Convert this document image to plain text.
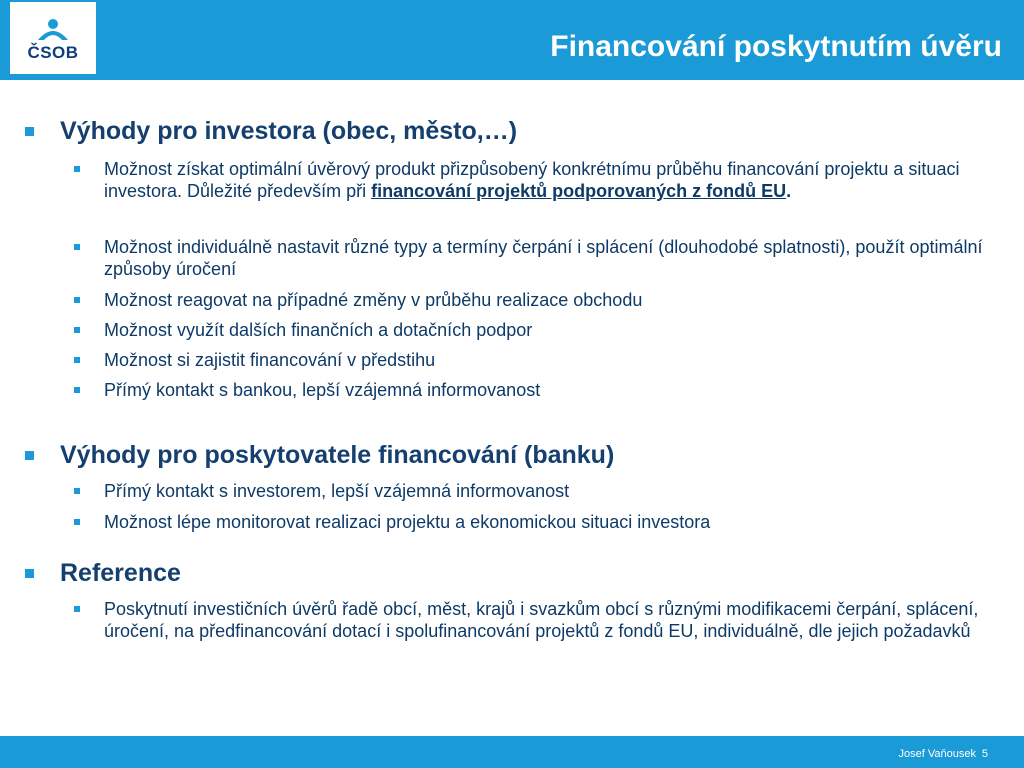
ČSOB	Financování poskytnutím úvěru
Výhody pro investora (obec, město,…)
Možnost získat optimální úvěrový produkt přizpůsobený konkrétnímu průběhu financování projektu a situaci investora. Důležité především při financování projektů podporovaných z fondů EU.
Možnost individuálně nastavit různé typy a termíny čerpání i splácení (dlouhodobé splatnosti), použít optimální způsoby úročení
Možnost reagovat na případné změny v průběhu realizace obchodu
Možnost využít dalších finančních a dotačních podpor
Možnost si zajistit financování v předstihu
Přímý kontakt s bankou, lepší vzájemná informovanost
Výhody pro poskytovatele financování (banku)
Přímý kontakt s investorem, lepší vzájemná informovanost
Možnost lépe monitorovat realizaci projektu a ekonomickou situaci investora
Reference
Poskytnutí investičních úvěrů řadě obcí, měst, krajů i svazkům obcí s různými modifikacemi čerpání, splácení, úročení, na předfinancování dotací i spolufinancování projektů z fondů EU, individuálně, dle jejich požadavků
Josef Vaňousek 5
